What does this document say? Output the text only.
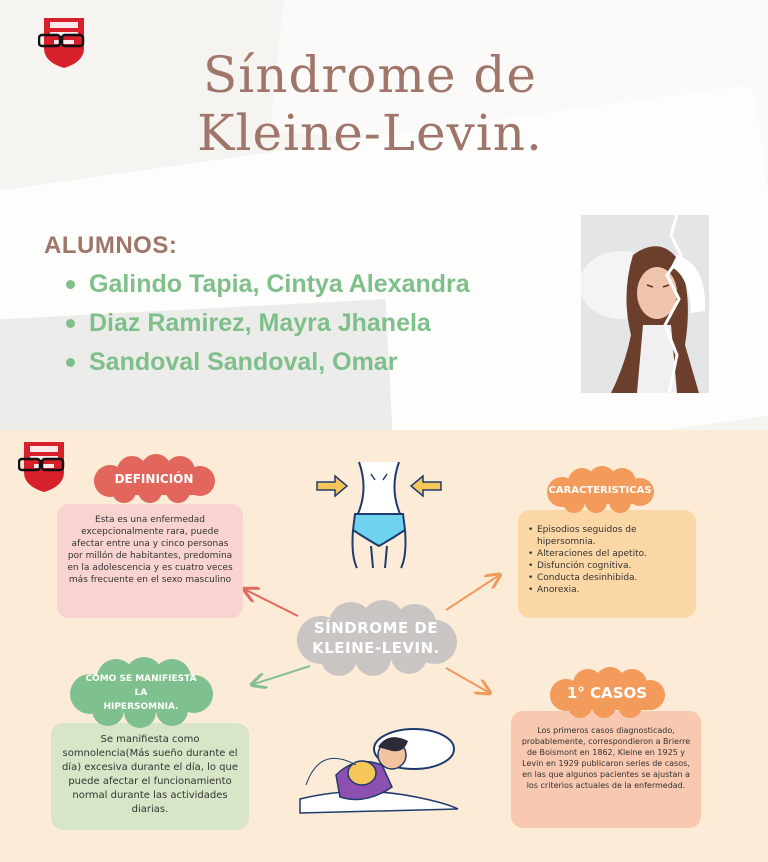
Síndrome de
Kleine-Levin.
ALUMNOS:
Galindo Tapia, Cintya Alexandra
Diaz Ramirez, Mayra Jhanela
Sandoval Sandoval, Omar
SÍNDROME DE
KLEINE-LEVIN.
Esta es una enfermedad excepcionalmente rara, puede afectar entre una y cinco personas por millón de habitantes, predomina en la adolescencia y es cuatro veces más frecuente en el sexo masculino
DEFINICIÓN
• Episodios seguidos de hipersomnia.
• Alteraciones del apetito.
• Disfunción cognitiva.
• Conducta desinhibida.
• Anorexia.
CARACTERISTICAS
Se manifiesta como somnolencia(Más sueño durante el día) excesiva durante el día, lo que puede afectar el funcionamiento normal durante las actividades diarias.
COMO SE MANIFIESTA
LA
HIPERSOMNIA.
Los primeros casos diagnosticado, probablemente, correspondieron a Brierre de Boismont en 1862, Kleine en 1925 y Levin en 1929 publicaron series de casos, en las que algunos pacientes se ajustan a los criterios actuales de la enfermedad.
1° CASOS
